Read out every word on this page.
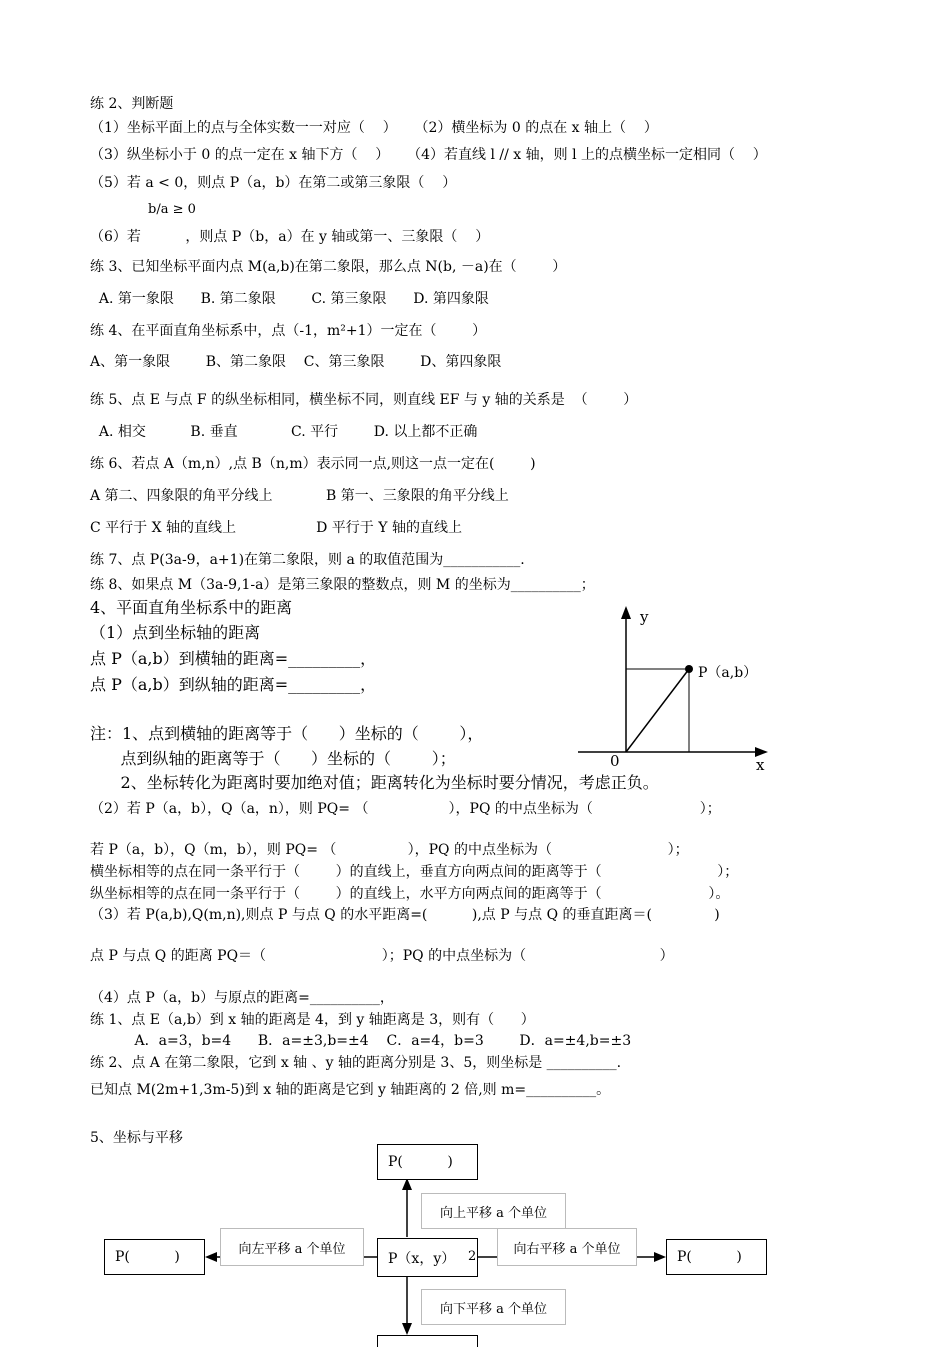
练 2、判断题
（1）坐标平面上的点与全体实数一一对应（    ）    （2）横坐标为 0 的点在 x 轴上（    ）
（3）纵坐标小于 0 的点一定在 x 轴下方（    ）    （4）若直线 l // x 轴，则 l 上的点横坐标一定相同（    ）
（5）若 a < 0，则点 P（a，b）在第二或第三象限（    ）
b/a ≥ 0
（6）若          ，则点 P（b，a）在 y 轴或第一、三象限（    ）
练 3、已知坐标平面内点 M(a,b)在第二象限，那么点 N(b, －a)在（        ）
A. 第一象限      B. 第二象限        C. 第三象限      D. 第四象限
练 4、在平面直角坐标系中，点（-1，m²+1）一定在（        ）
A、第一象限        B、第二象限    C、第三象限        D、第四象限
练 5、点 E 与点 F 的纵坐标相同，横坐标不同，则直线 EF 与 y 轴的关系是  （        ）
A. 相交          B. 垂直            C. 平行        D. 以上都不正确
练 6、若点 A（m,n）,点 B（n,m）表示同一点,则这一点一定在(        )
A 第二、四象限的角平分线上            B 第一、三象限的角平分线上
C 平行于 X 轴的直线上                  D 平行于 Y 轴的直线上
练 7、点 P(3a-9，a+1)在第二象限，则 a 的取值范围为___________.
练 8、如果点 M（3a-9,1-a）是第三象限的整数点，则 M 的坐标为__________；
4、平面直角坐标系中的距离
（1）点到坐标轴的距离
点 P（a,b）到横轴的距离=_________，
点 P（a,b）到纵轴的距离=_________，
注：1、点到横轴的距离等于（      ）坐标的（        ），
点到纵轴的距离等于（      ）坐标的（        ）；
2、坐标转化为距离时要加绝对值；距离转化为坐标时要分情况，考虑正负。
（2）若 P（a，b），Q（a，n），则 PQ= （                  ），PQ 的中点坐标为（                        ）；
若 P（a，b），Q（m，b），则 PQ= （                ），PQ 的中点坐标为（                          ）；
横坐标相等的点在同一条平行于（        ）的直线上，垂直方向两点间的距离等于（                          ）；
纵坐标相等的点在同一条平行于（        ）的直线上，水平方向两点间的距离等于（                        ）。
（3）若 P(a,b),Q(m,n),则点 P 与点 Q 的水平距离=(          ),点 P 与点 Q 的垂直距离＝(              )
点 P 与点 Q 的距离 PQ＝（                          ）；PQ 的中点坐标为（                              ）
（4）点 P（a，b）与原点的距离=__________，
练 1、点 E（a,b）到 x 轴的距离是 4，到 y 轴距离是 3，则有（      ）
A．a=3，b=4      B．a=±3,b=±4    C．a=4，b=3        D．a=±4,b=±3
练 2、点 A 在第二象限，它到 x 轴 、y 轴的距离分别是 3、5，则坐标是 __________.
已知点 M(2m+1,3m-5)到 x 轴的距离是它到 y 轴距离的 2 倍,则 m=__________。
5、坐标与平移
y
x
0
P（a,b）
P(          )
P(          )	P(          )
P（x，y） 2
向上平移 a 个单位
向下平移 a 个单位
向左平移 a 个单位	向右平移 a 个单位
